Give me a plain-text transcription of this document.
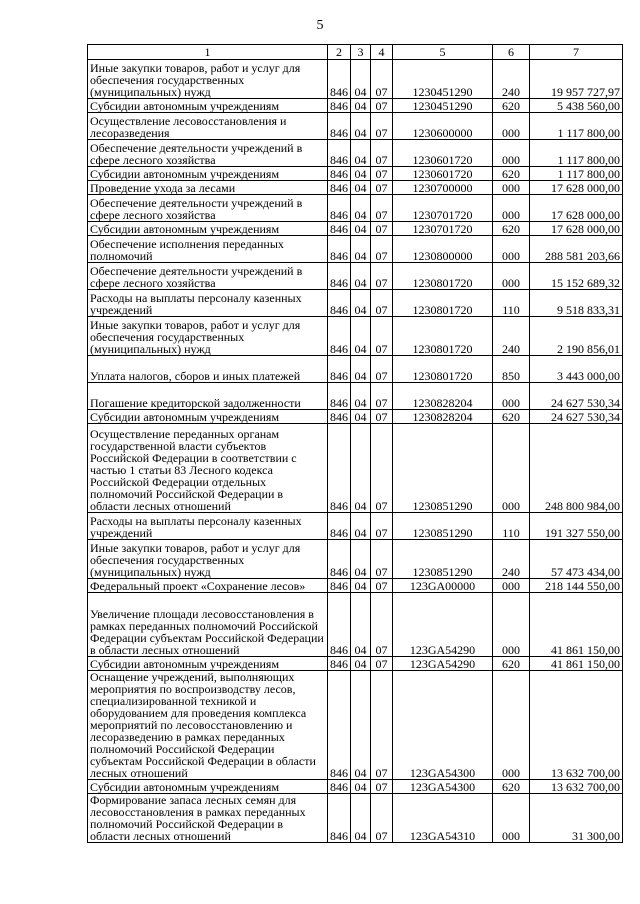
5
1	2	3	4	5	6	7
Иные закупки товаров, работ и услуг для обеспечения государственных (муниципальных) нужд	846	04	07	1230451290	240	19 957 727,97
Субсидии автономным учреждениям	846	04	07	1230451290	620	5 438 560,00
Осуществление лесовосстановления и лесоразведения	846	04	07	1230600000	000	1 117 800,00
Обеспечение деятельности учреждений в сфере лесного хозяйства	846	04	07	1230601720	000	1 117 800,00
Субсидии автономным учреждениям	846	04	07	1230601720	620	1 117 800,00
Проведение ухода за лесами	846	04	07	1230700000	000	17 628 000,00
Обеспечение деятельности учреждений в сфере лесного хозяйства	846	04	07	1230701720	000	17 628 000,00
Субсидии автономным учреждениям	846	04	07	1230701720	620	17 628 000,00
Обеспечение исполнения переданных полномочий	846	04	07	1230800000	000	288 581 203,66
Обеспечение деятельности учреждений в сфере лесного хозяйства	846	04	07	1230801720	000	15 152 689,32
Расходы на выплаты персоналу казенных учреждений	846	04	07	1230801720	110	9 518 833,31
Иные закупки товаров, работ и услуг для обеспечения государственных (муниципальных) нужд	846	04	07	1230801720	240	2 190 856,01
Уплата налогов, сборов и иных платежей	846	04	07	1230801720	850	3 443 000,00
Погашение кредиторской задолженности	846	04	07	1230828204	000	24 627 530,34
Субсидии автономным учреждениям	846	04	07	1230828204	620	24 627 530,34
Осуществление переданных органам государственной власти субъектов Российской Федерации в соответствии с частью 1 статьи 83 Лесного кодекса Российской Федерации отдельных полномочий Российской Федерации в области лесных отношений	846	04	07	1230851290	000	248 800 984,00
Расходы на выплаты персоналу казенных учреждений	846	04	07	1230851290	110	191 327 550,00
Иные закупки товаров, работ и услуг для обеспечения государственных (муниципальных) нужд	846	04	07	1230851290	240	57 473 434,00
Федеральный проект «Сохранение лесов»	846	04	07	123GA00000	000	218 144 550,00
Увеличение площади лесовосстановления в рамках переданных полномочий Российской Федерации субъектам Российской Федерации в области лесных отношений	846	04	07	123GA54290	000	41 861 150,00
Субсидии автономным учреждениям	846	04	07	123GA54290	620	41 861 150,00
Оснащение учреждений, выполняющих мероприятия по воспроизводству лесов, специализированной техникой и оборудованием для проведения комплекса мероприятий по лесовосстановлению и лесоразведению в рамках переданных полномочий Российской Федерации субъектам Российской Федерации в области лесных отношений	846	04	07	123GA54300	000	13 632 700,00
Субсидии автономным учреждениям	846	04	07	123GA54300	620	13 632 700,00
Формирование запаса лесных семян для лесовосстановления в рамках переданных полномочий Российской Федерации в области лесных отношений	846	04	07	123GA54310	000	31 300,00
